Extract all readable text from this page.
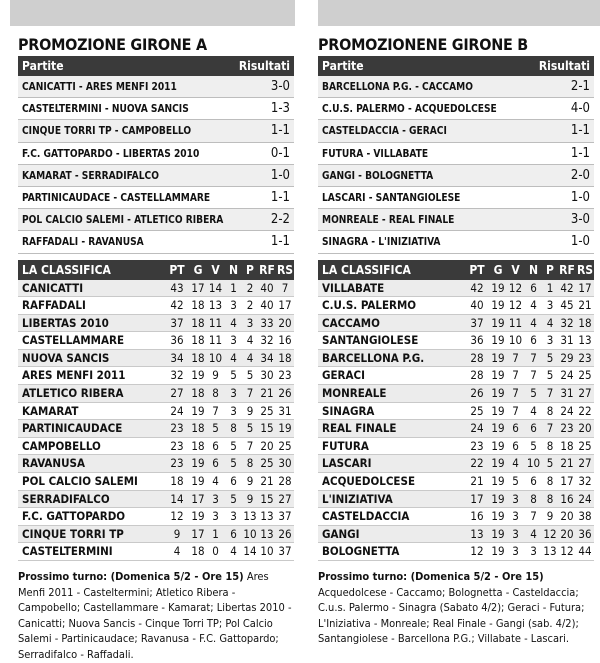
PROMOZIONE GIRONE A
Partite	Risultati
CANICATTI - ARES MENFI 2011	3-0
CASTELTERMINI - NUOVA SANCIS	1-3
CINQUE TORRI TP - CAMPOBELLO	1-1
F.C. GATTOPARDO - LIBERTAS 2010	0-1
KAMARAT - SERRADIFALCO	1-0
PARTINICAUDACE - CASTELLAMMARE	1-1
POL CALCIO SALEMI - ATLETICO RIBERA	2-2
RAFFADALI - RAVANUSA	1-1
LA CLASSIFICA	PT G V N P RF RS
CANICATTI	43 17 14 1 2 40 7
RAFFADALI	42 18 13 3 2 40 17
LIBERTAS 2010	37 18 11 4 3 33 20
CASTELLAMMARE	36 18 11 3 4 32 16
NUOVA SANCIS	34 18 10 4 4 34 18
ARES MENFI 2011	32 19 9 5 5 30 23
ATLETICO RIBERA	27 18 8 3 7 21 26
KAMARAT	24 19 7 3 9 25 31
PARTINICAUDACE	23 18 5 8 5 15 19
CAMPOBELLO	23 18 6 5 7 20 25
RAVANUSA	23 19 6 5 8 25 30
POL CALCIO SALEMI	18 19 4 6 9 21 28
SERRADIFALCO	14 17 3 5 9 15 27
F.C. GATTOPARDO	12 19 3 3 13 13 37
CINQUE TORRI TP	9 17 1 6 10 13 26
CASTELTERMINI	4 18 0 4 14 10 37
Prossimo turno: (Domenica 5/2 - Ore 15) Ares Menfi 2011 - Casteltermini; Atletico Ribera - Campobello; Castellammare - Kamarat; Libertas 2010 - Canicatti; Nuova Sancis - Cinque Torri TP; Pol Calcio Salemi - Partinicaudace; Ravanusa - F.C. Gattopardo; Serradifalco - Raffadali.
PROMOZIONENE GIRONE B
Partite	Risultati
BARCELLONA P.G. - CACCAMO	2-1
C.U.S. PALERMO - ACQUEDOLCESE	4-0
CASTELDACCIA - GERACI	1-1
FUTURA - VILLABATE	1-1
GANGI - BOLOGNETTA	2-0
LASCARI - SANTANGIOLESE	1-0
MONREALE - REAL FINALE	3-0
SINAGRA - L'INIZIATIVA	1-0
LA CLASSIFICA	PT G V N P RF RS
VILLABATE	42 19 12 6 1 42 17
C.U.S. PALERMO	40 19 12 4 3 45 21
CACCAMO	37 19 11 4 4 32 18
SANTANGIOLESE	36 19 10 6 3 31 13
BARCELLONA P.G.	28 19 7 7 5 29 23
GERACI	28 19 7 7 5 24 25
MONREALE	26 19 7 5 7 31 27
SINAGRA	25 19 7 4 8 24 22
REAL FINALE	24 19 6 6 7 23 20
FUTURA	23 19 6 5 8 18 25
LASCARI	22 19 4 10 5 21 27
ACQUEDOLCESE	21 19 5 6 8 17 32
L'INIZIATIVA	17 19 3 8 8 16 24
CASTELDACCIA	16 19 3 7 9 20 38
GANGI	13 19 3 4 12 20 36
BOLOGNETTA	12 19 3 3 13 12 44
Prossimo turno: (Domenica 5/2 - Ore 15) Acquedolcese - Caccamo; Bolognetta - Casteldaccia; C.u.s. Palermo - Sinagra (Sabato 4/2); Geraci - Futura; L'Iniziativa - Monreale; Real Finale - Gangi (sab. 4/2); Santangiolese - Barcellona P.G.; Villabate - Lascari.
